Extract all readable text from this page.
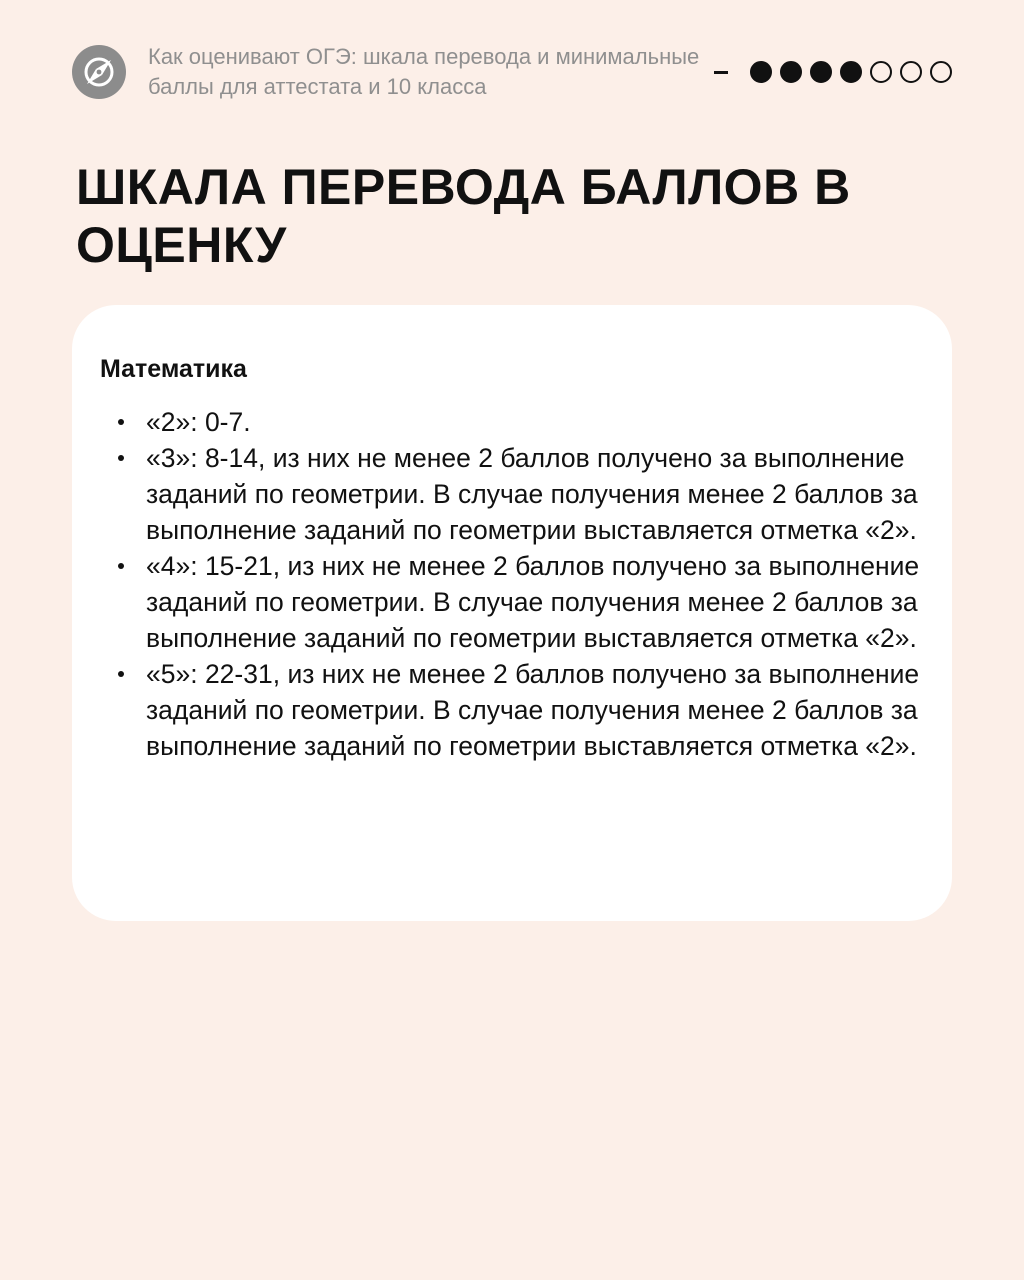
Как оценивают ОГЭ: шкала перевода и минимальные баллы для аттестата и 10 класса
ШКАЛА ПЕРЕВОДА БАЛЛОВ В ОЦЕНКУ
Математика
«2»: 0-7.
«3»: 8-14, из них не менее 2 баллов получено за выполнение заданий по геометрии. В случае получения менее 2 баллов за выполнение заданий по геометрии выставляется отметка «2».
«4»: 15-21, из них не менее 2 баллов получено за выполнение заданий по геометрии. В случае получения менее 2 баллов за выполнение заданий по геометрии выставляется отметка «2».
«5»: 22-31, из них не менее 2 баллов получено за выполнение заданий по геометрии. В случае получения менее 2 баллов за выполнение заданий по геометрии выставляется отметка «2».
